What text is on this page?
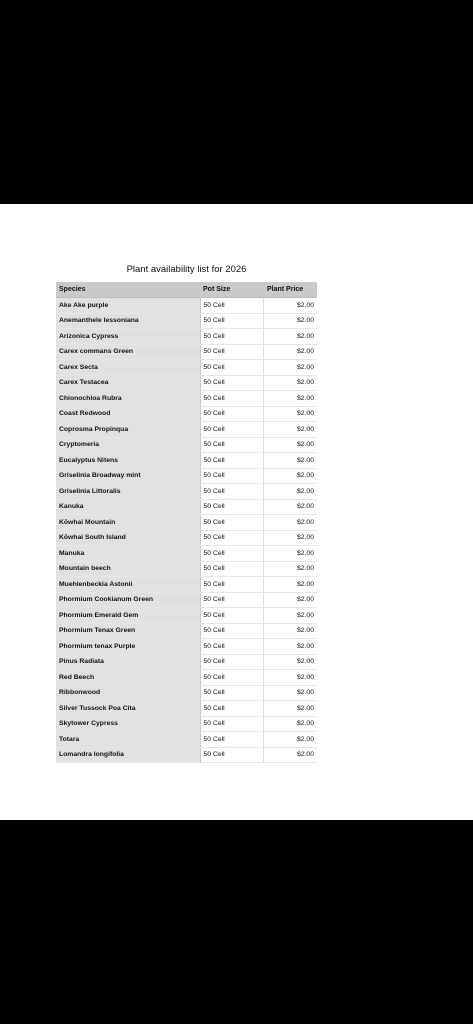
Plant availability list for 2026
Species	Pot Size	Plant Price
Ake Ake purple	50 Cell	$2.00
Anemanthele lessoniana	50 Cell	$2.00
Arizonica Cypress	50 Cell	$2.00
Carex commans Green	50 Cell	$2.00
Carex Secta	50 Cell	$2.00
Carex Testacea	50 Cell	$2.00
Chionochloa Rubra	50 Cell	$2.00
Coast Redwood	50 Cell	$2.00
Coprosma Propinqua	50 Cell	$2.00
Cryptomeria	50 Cell	$2.00
Eucalyptus Nitens	50 Cell	$2.00
Griselinia Broadway mint	50 Cell	$2.00
Griselinia Littoralis	50 Cell	$2.00
Kanuka	50 Cell	$2.00
Kōwhai Mountain	50 Cell	$2.00
Kōwhai South Island	50 Cell	$2.00
Manuka	50 Cell	$2.00
Mountain beech	50 Cell	$2.00
Muehlenbeckia Astonii	50 Cell	$2.00
Phormium Cookianum Green	50 Cell	$2.00
Phormium Emerald Gem	50 Cell	$2.00
Phormium Tenax Green	50 Cell	$2.00
Phormium tenax Purple	50 Cell	$2.00
Pinus Radiata	50 Cell	$2.00
Red Beech	50 Cell	$2.00
Ribbonwood	50 Cell	$2.00
Silver Tussock Poa Cita	50 Cell	$2.00
Skytower Cypress	50 Cell	$2.00
Totara	50 Cell	$2.00
Lomandra longifolia	50 Cell	$2.00
